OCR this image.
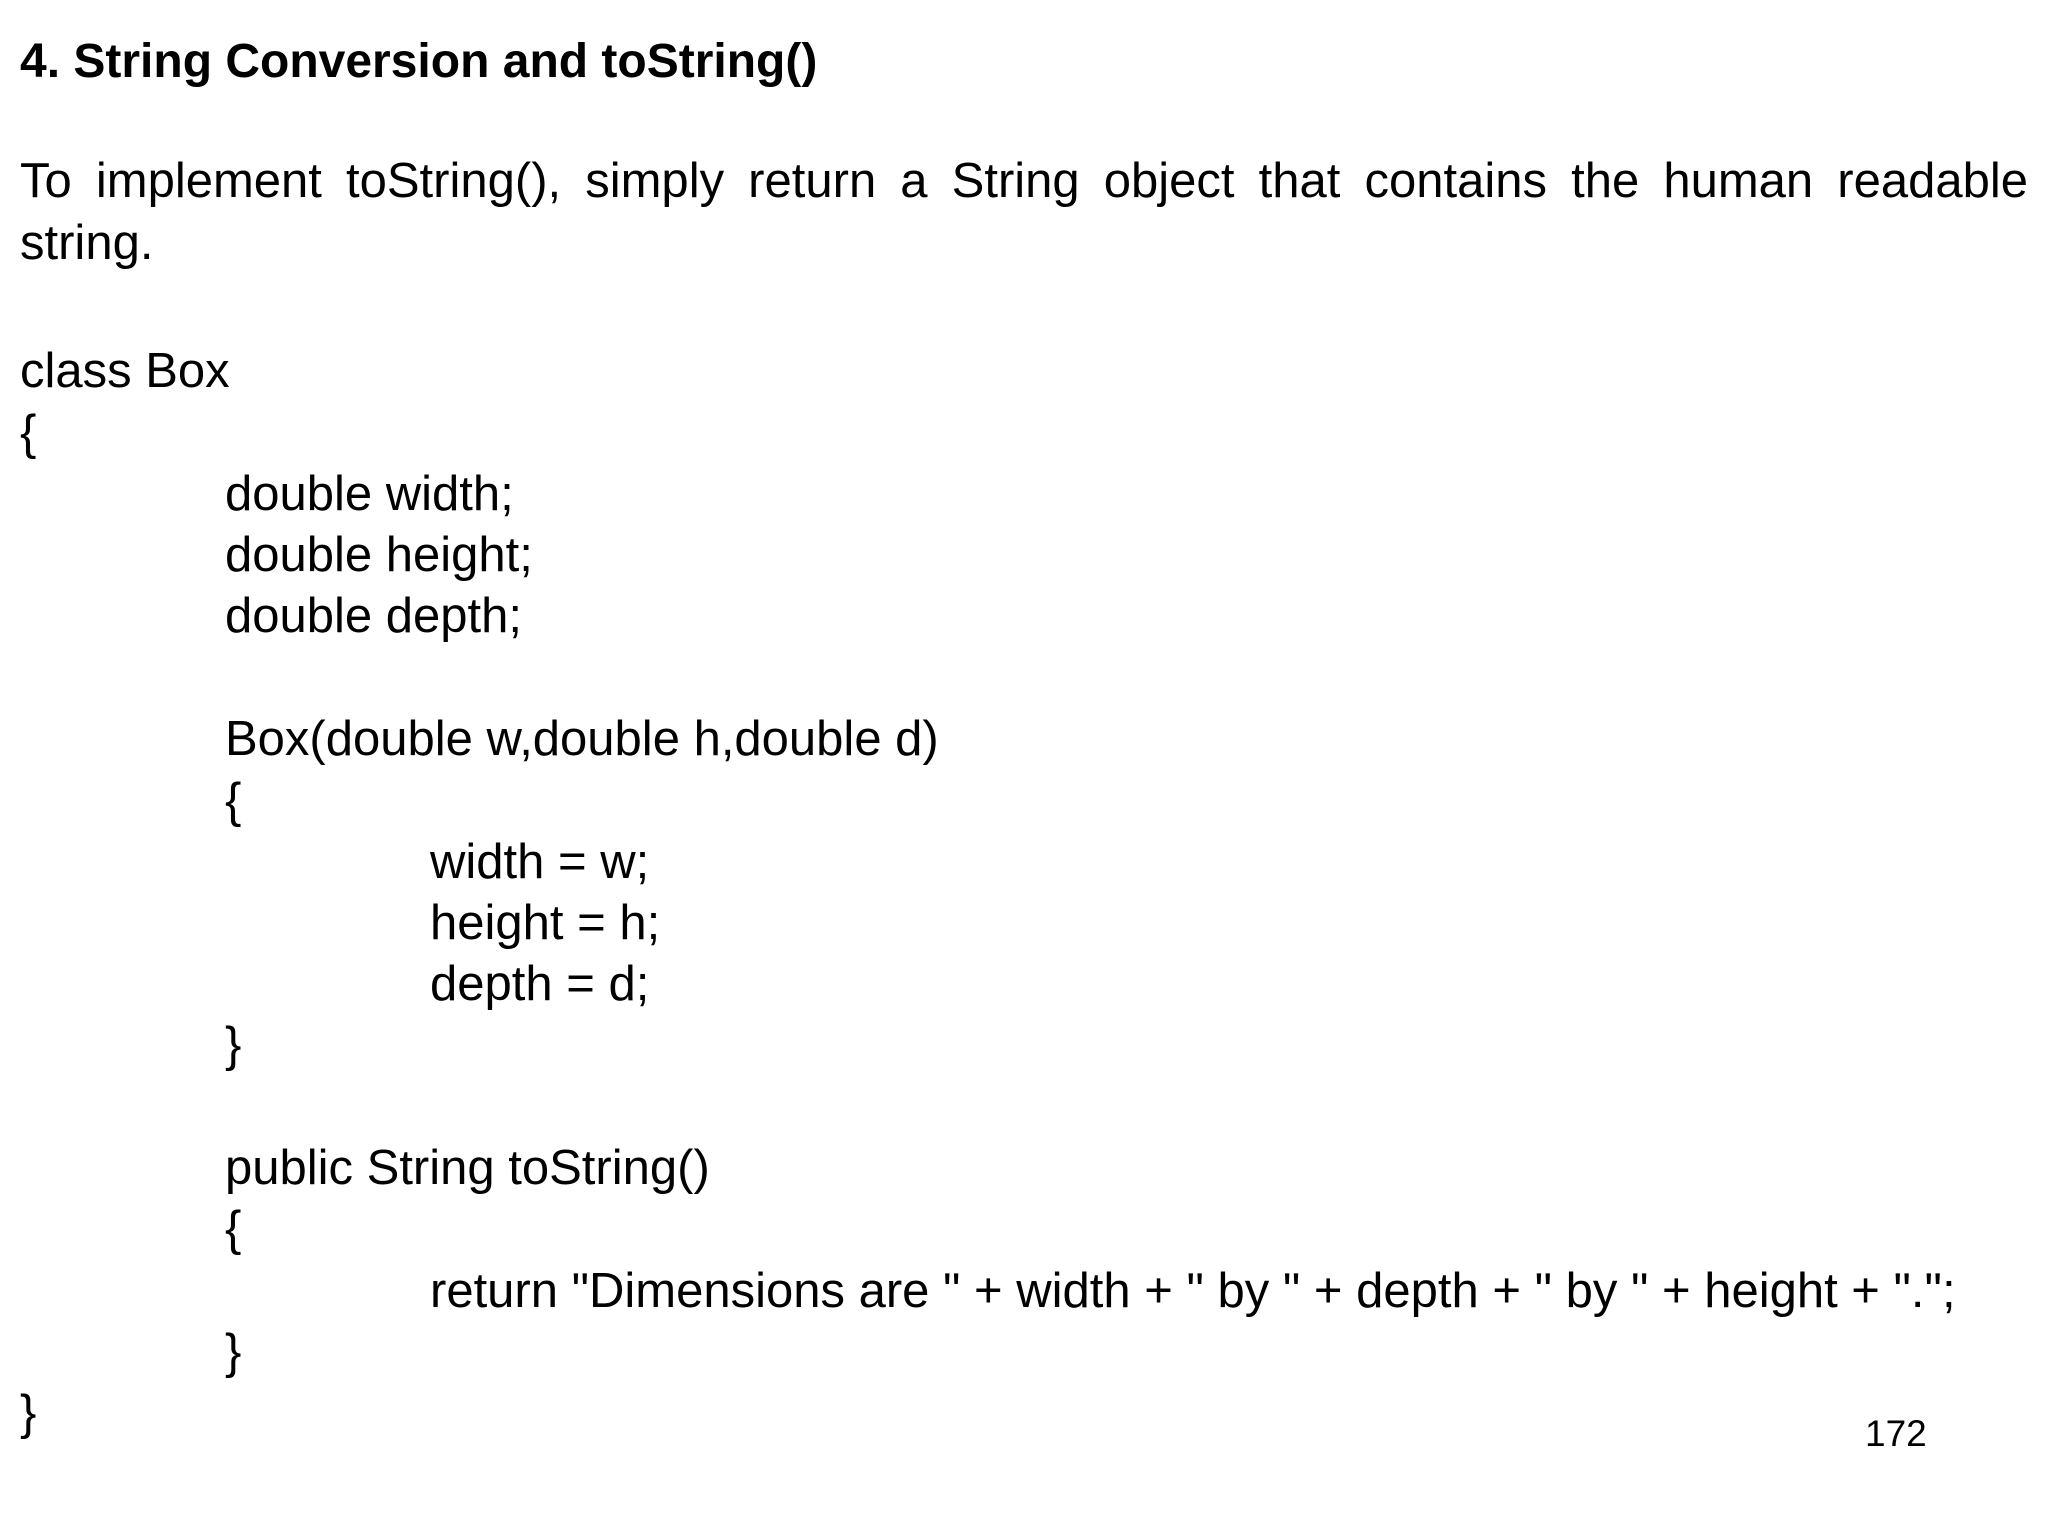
4. String Conversion and toString()
To implement toString(), simply return a String object that contains the human readable string.
class Box
{
double width;
double height;
double depth;
Box(double w,double h,double d)
{
width = w;
height = h;
depth = d;
}
public String toString()
{
return "Dimensions are " + width + " by " + depth + " by " + height + ".";
}
}	172
